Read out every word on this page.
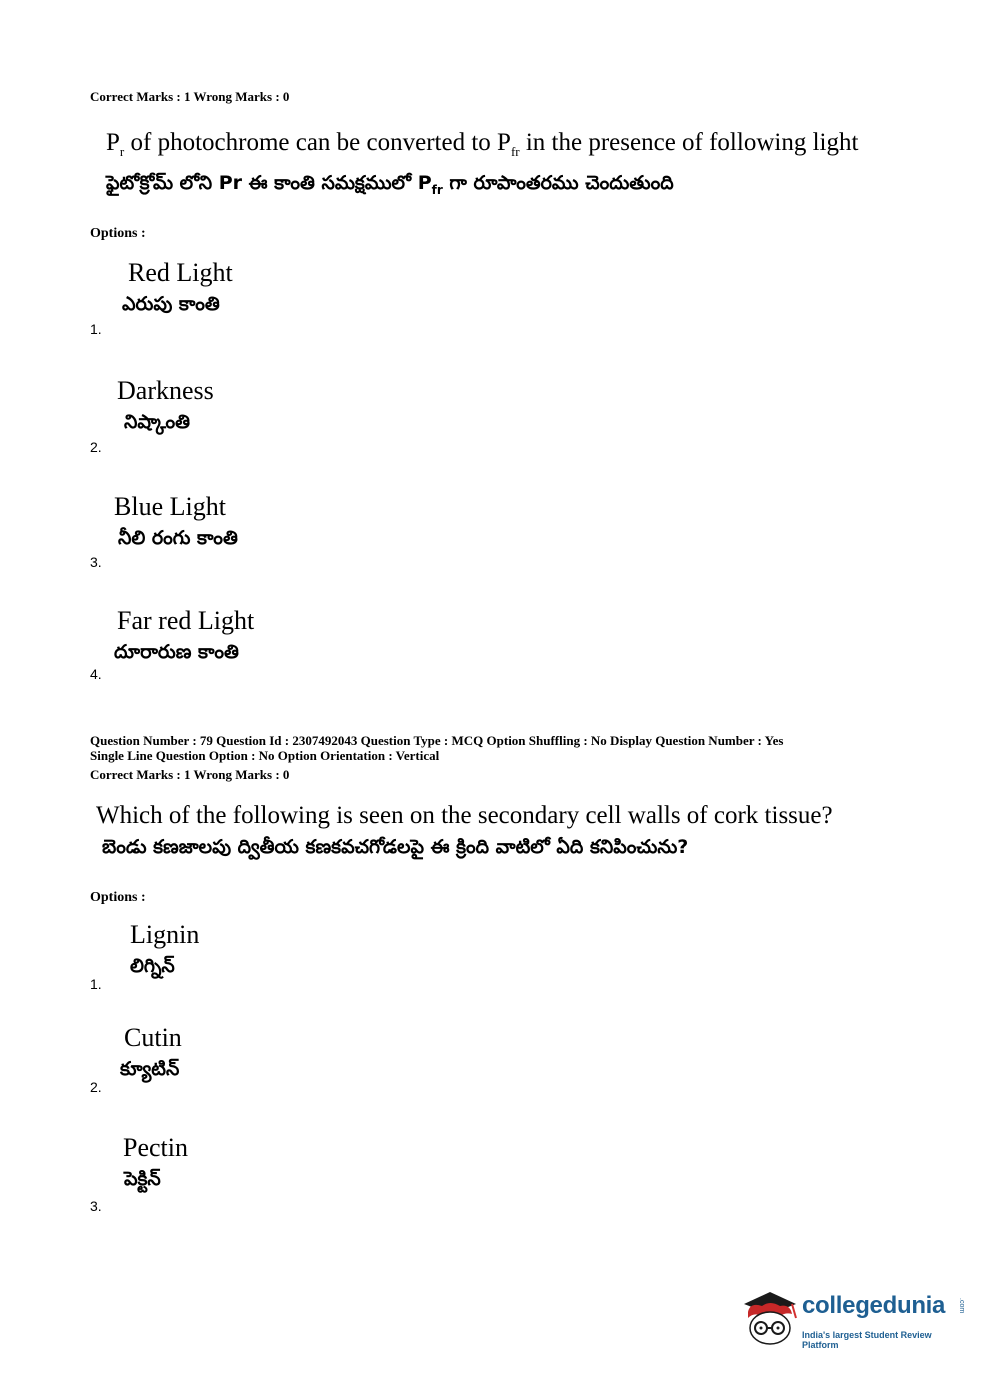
Correct Marks : 1 Wrong Marks : 0
$P_r$ of photochrome can be converted to $P_{fr}$ in the presence of following light
ఫైటోక్రోమ్ లోని Pr ఈ కాంతి సమక్షములో $P_{fr}$ గా రూపాంతరము చెందుతుంది
Options :
Red Light
ఎరుపు కాంతి
1.
Darkness
నిష్కాంతి
2.
Blue Light
నీలి రంగు కాంతి
3.
Far red Light
దూరారుణ కాంతి
4.
Question Number : 79 Question Id : 2307492043 Question Type : MCQ Option Shuffling : No Display Question Number : Yes
Single Line Question Option : No Option Orientation : Vertical
Correct Marks : 1 Wrong Marks : 0
Which of the following is seen on the secondary cell walls of cork tissue?
బెండు కణజాలపు ద్వితీయ కణకవచగోడలపై ఈ క్రింది వాటిలో ఏది కనిపించును?
Options :
Lignin
లిగ్నిన్
1.
Cutin
క్యూటిన్
2.
Pectin
పెక్టిన్
3.
collegedunia .com
India's largest Student Review Platform
